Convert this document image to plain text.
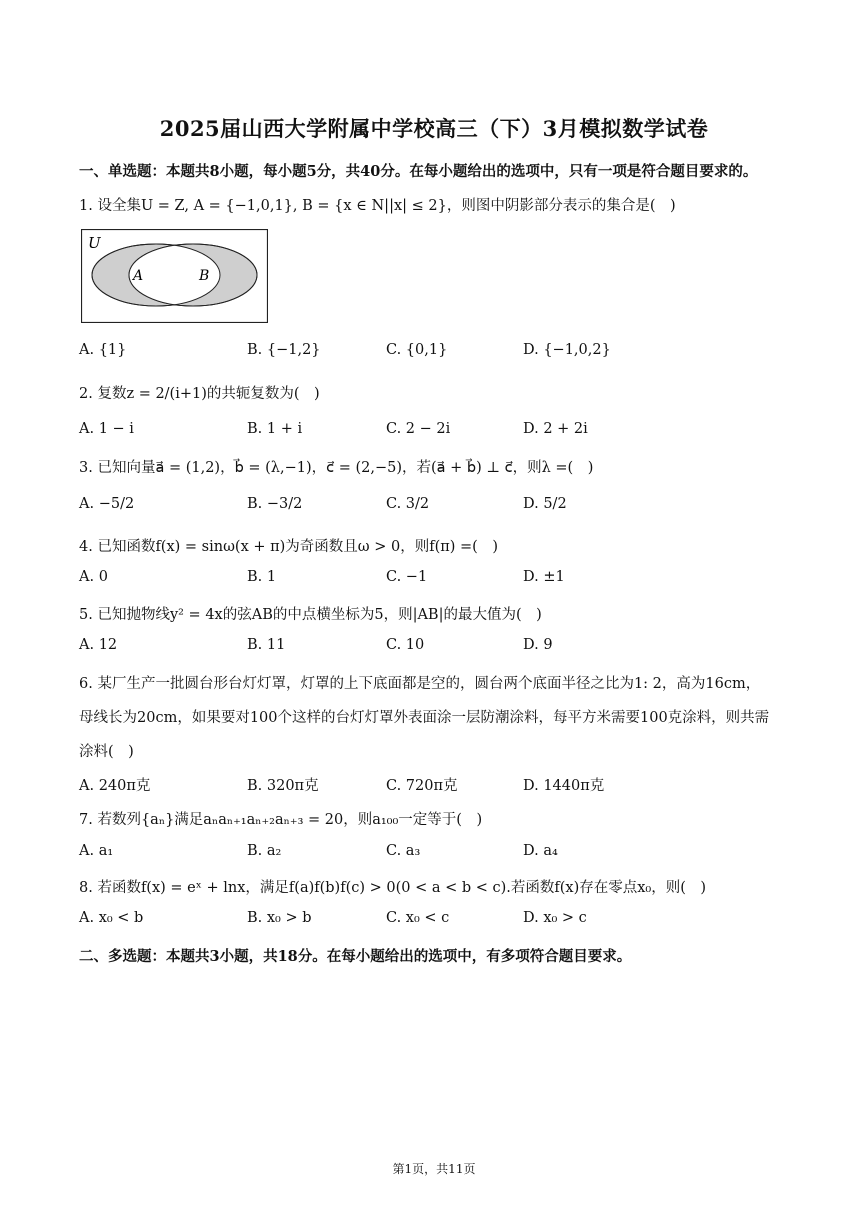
2025届山西大学附属中学校高三（下）3月模拟数学试卷
一、单选题：本题共8小题，每小题5分，共40分。在每小题给出的选项中，只有一项是符合题目要求的。
1. 设全集U = Z, A = {−1,0,1}, B = {x ∈ N||x| ≤ 2}，则图中阴影部分表示的集合是(　)
U
A	B
A. {1}	B. {−1,2}	C. {0,1}	D. {−1,0,2}
2. 复数z = 2/(i+1)的共轭复数为(　)
A. 1 − i	B. 1 + i	C. 2 − 2i	D. 2 + 2i
3. 已知向量a⃗ = (1,2)，b⃗ = (λ,−1)，c⃗ = (2,−5)，若(a⃗ + b⃗) ⊥ c⃗，则λ =(　)
A. −5/2	B. −3/2	C. 3/2	D. 5/2
4. 已知函数f(x) = sinω(x + π)为奇函数且ω > 0，则f(π) =(　)
A. 0	B. 1	C. −1	D. ±1
5. 已知抛物线y² = 4x的弦AB的中点横坐标为5，则|AB|的最大值为(　)
A. 12	B. 11	C. 10	D. 9
6. 某厂生产一批圆台形台灯灯罩，灯罩的上下底面都是空的，圆台两个底面半径之比为1: 2，高为16cm，
母线长为20cm，如果要对100个这样的台灯灯罩外表面涂一层防潮涂料，每平方米需要100克涂料，则共需
涂料(　)
A. 240π克	B. 320π克	C. 720π克	D. 1440π克
7. 若数列{aₙ}满足aₙaₙ₊₁aₙ₊₂aₙ₊₃ = 20，则a₁₀₀一定等于(　)
A. a₁	B. a₂	C. a₃	D. a₄
8. 若函数f(x) = eˣ + lnx，满足f(a)f(b)f(c) > 0(0 < a < b < c).若函数f(x)存在零点x₀，则(　)
A. x₀ < b	B. x₀ > b	C. x₀ < c	D. x₀ > c
二、多选题：本题共3小题，共18分。在每小题给出的选项中，有多项符合题目要求。
第1页，共11页
